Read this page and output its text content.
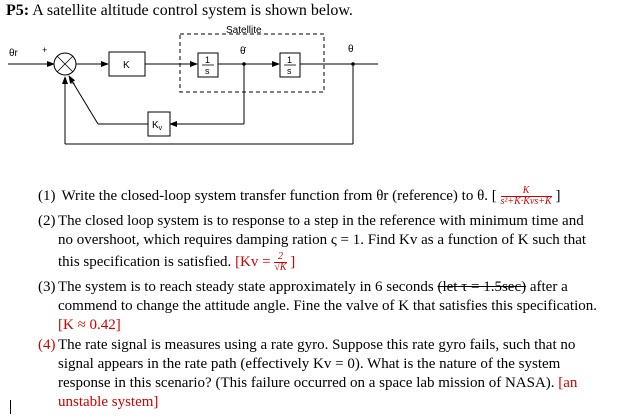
P5: A satellite altitude control system is shown below.
Satellite
θr	+
−
K	1
s
θ̇
1
s
θ
$K_v$
(1) Write the closed-loop system transfer function from θr (reference) to θ. [ $\frac{K}{\text{s²+K·Kvs+K}}$ ]
(2) The closed loop system is to response to a step in the reference with minimum time and
no overshoot, which requires damping ration ς = 1. Find Kv as a function of K such that
this specification is satisfied. [$Kv = \frac{2}{√K}$ ]
(3) The system is to reach steady state approximately in 6 seconds (let τ = 1.5sec) after a
commend to change the attitude angle. Fine the valve of K that satisfies this specification.
[K ≈ 0.42]
(4) The rate signal is measures using a rate gyro. Suppose this rate gyro fails, such that no
signal appears in the rate path (effectively Kv = 0). What is the nature of the system
response in this scenario? (This failure occurred on a space lab mission of NASA). [an
unstable system]
